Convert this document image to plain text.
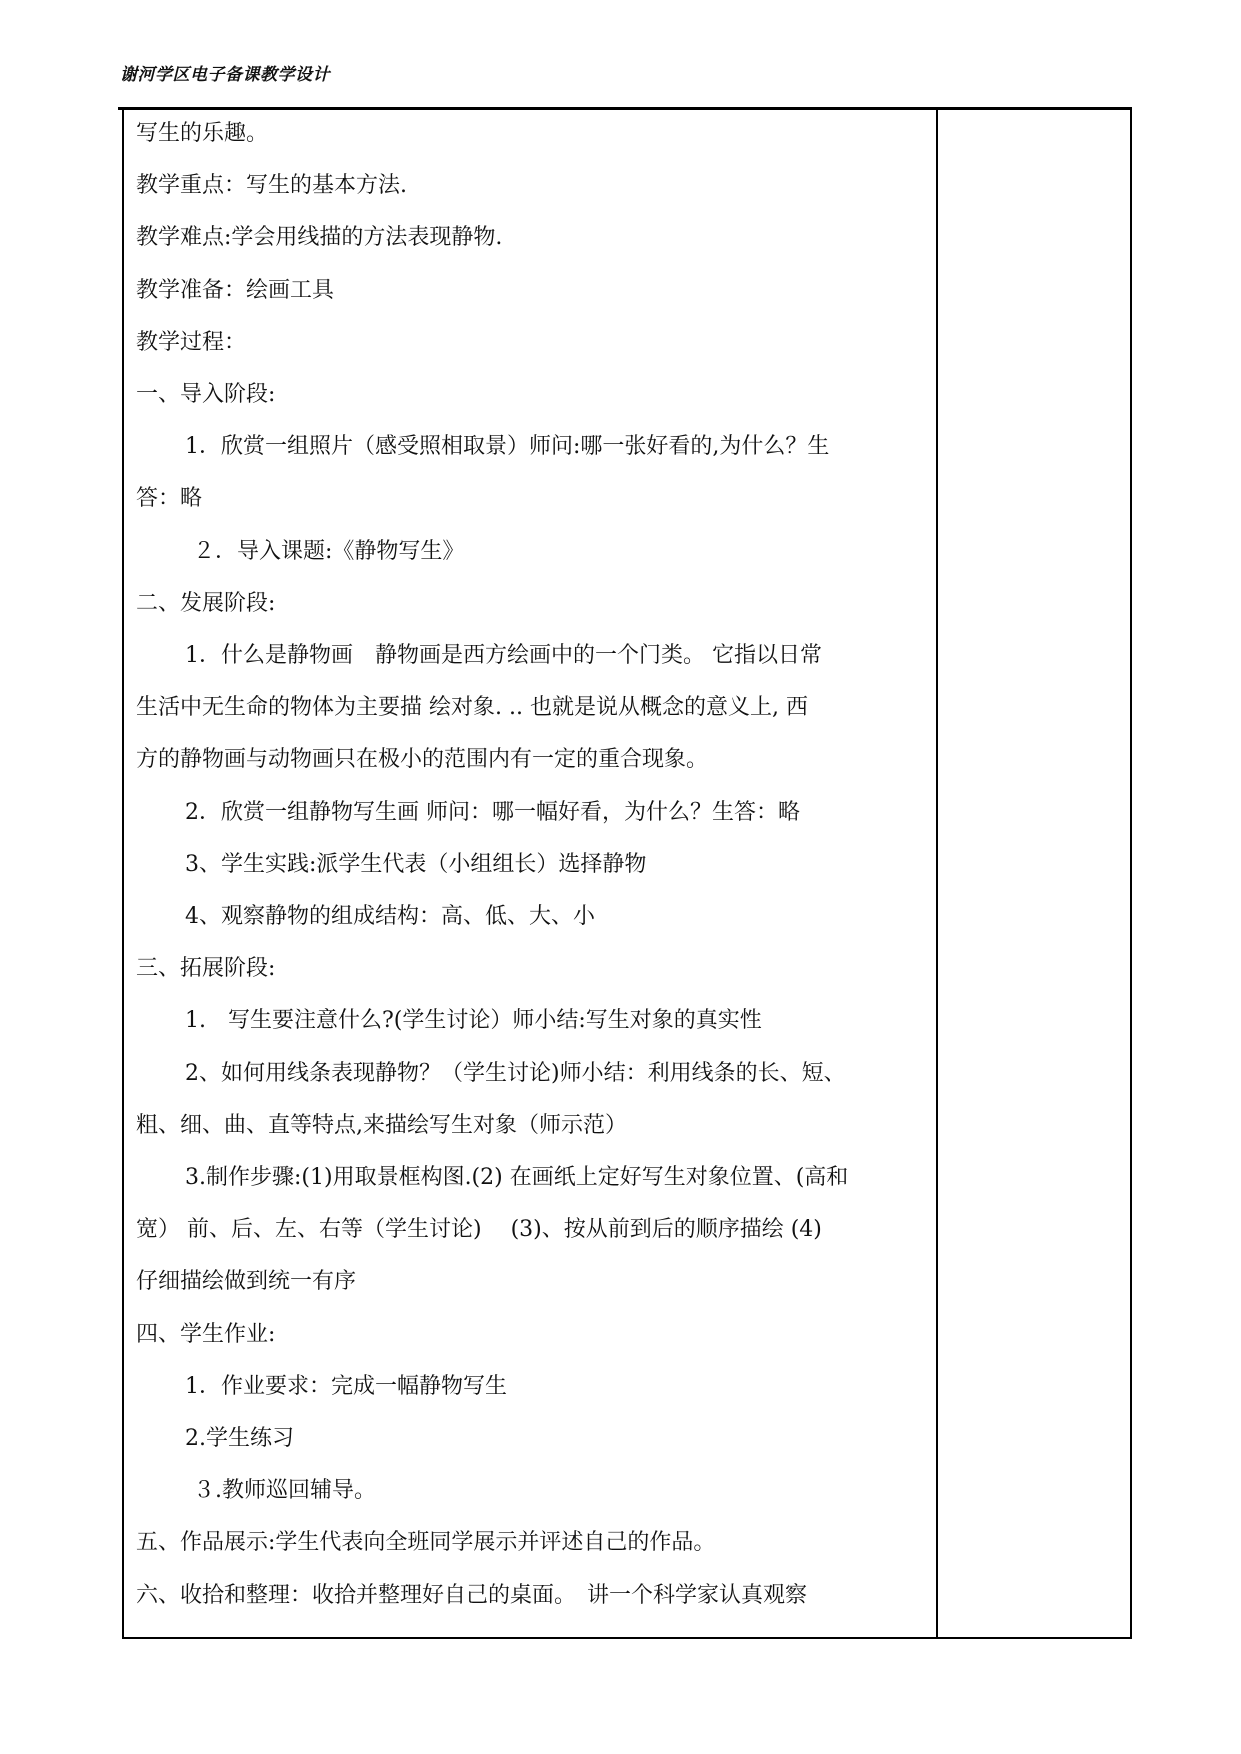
谢河学区电子备课教学设计
写生的乐趣。
教学重点：写生的基本方法.
教学难点:学会用线描的方法表现静物.
教学准备：绘画工具
教学过程：
一、导入阶段:
1．欣赏一组照片（感受照相取景）师问:哪一张好看的,为什么？生
答：略
２．导入课题:《静物写生》
二、发展阶段:
1．什么是静物画　静物画是西方绘画中的一个门类。 它指以日常
生活中无生命的物体为主要描 绘对象. .. 也就是说从概念的意义上, 西
方的静物画与动物画只在极小的范围内有一定的重合现象。
2．欣赏一组静物写生画 师问：哪一幅好看，为什么？生答：略
3、学生实践:派学生代表（小组组长）选择静物
4、观察静物的组成结构：高、低、大、小
三、拓展阶段:
1.　写生要注意什么?(学生讨论）师小结:写生对象的真实性
2、如何用线条表现静物？（学生讨论)师小结：利用线条的长、短、
粗、细、曲、直等特点,来描绘写生对象（师示范）
3.制作步骤:(1)用取景框构图.(2) 在画纸上定好写生对象位置、(高和
宽） 前、后、左、右等（学生讨论)　 (3)、按从前到后的顺序描绘 (4)
仔细描绘做到统一有序
四、学生作业:
1．作业要求：完成一幅静物写生
2.学生练习
３.教师巡回辅导。
五、作品展示:学生代表向全班同学展示并评述自己的作品。
六、收拾和整理：收拾并整理好自己的桌面。　讲一个科学家认真观察
